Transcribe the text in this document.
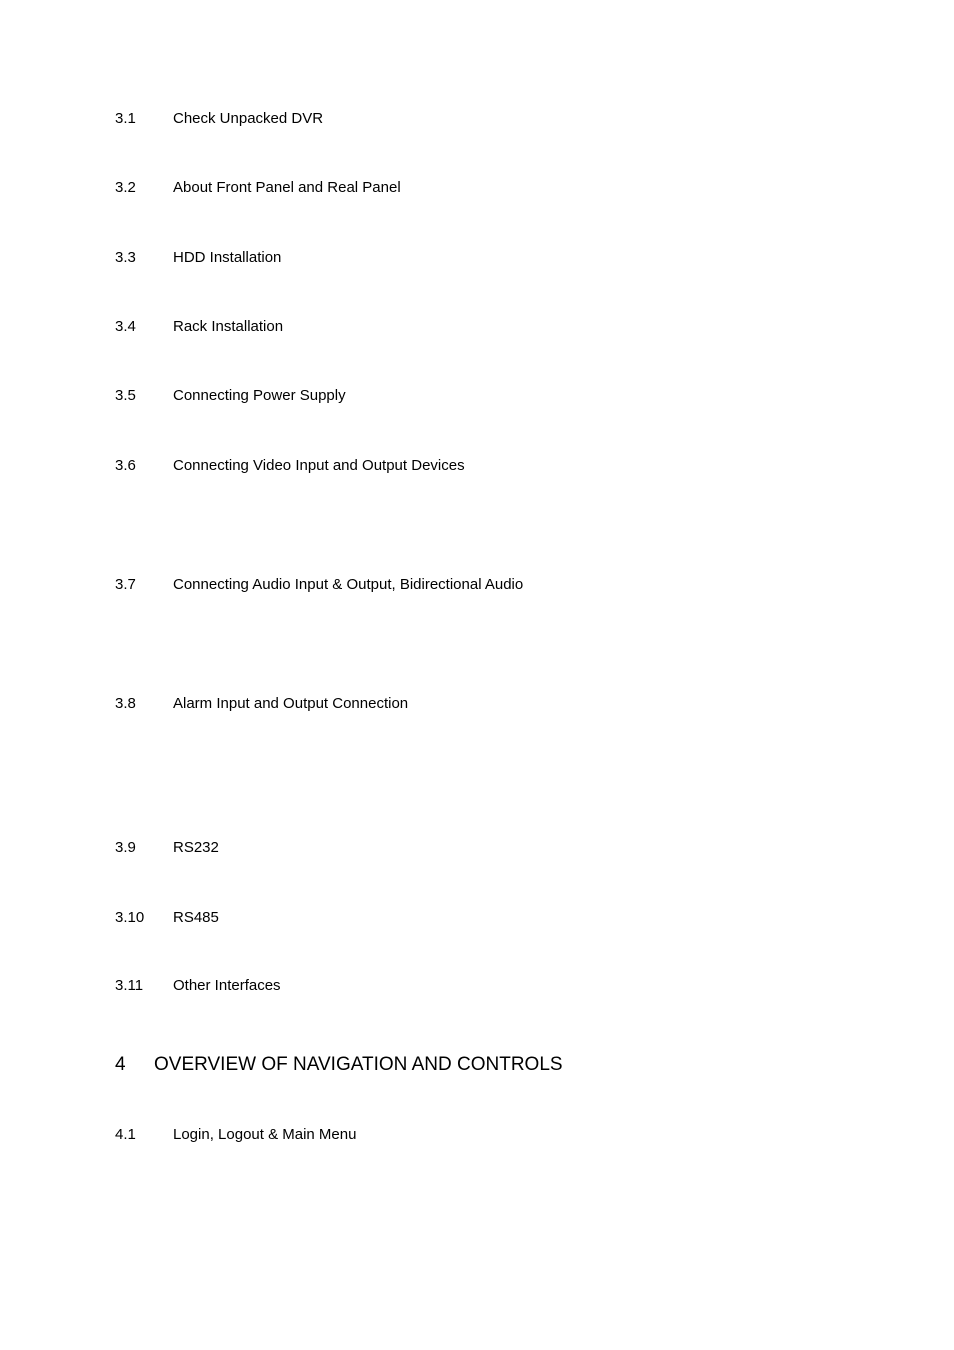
3.1 Check Unpacked DVR
3.2 About Front Panel and Real Panel
3.3 HDD Installation
3.4 Rack Installation
3.5 Connecting Power Supply
3.6 Connecting Video Input and Output Devices
3.7 Connecting Audio Input & Output, Bidirectional Audio
3.8 Alarm Input and Output Connection
3.9 RS232
3.10 RS485
3.11 Other Interfaces
4 OVERVIEW OF NAVIGATION AND CONTROLS
4.1 Login, Logout & Main Menu
